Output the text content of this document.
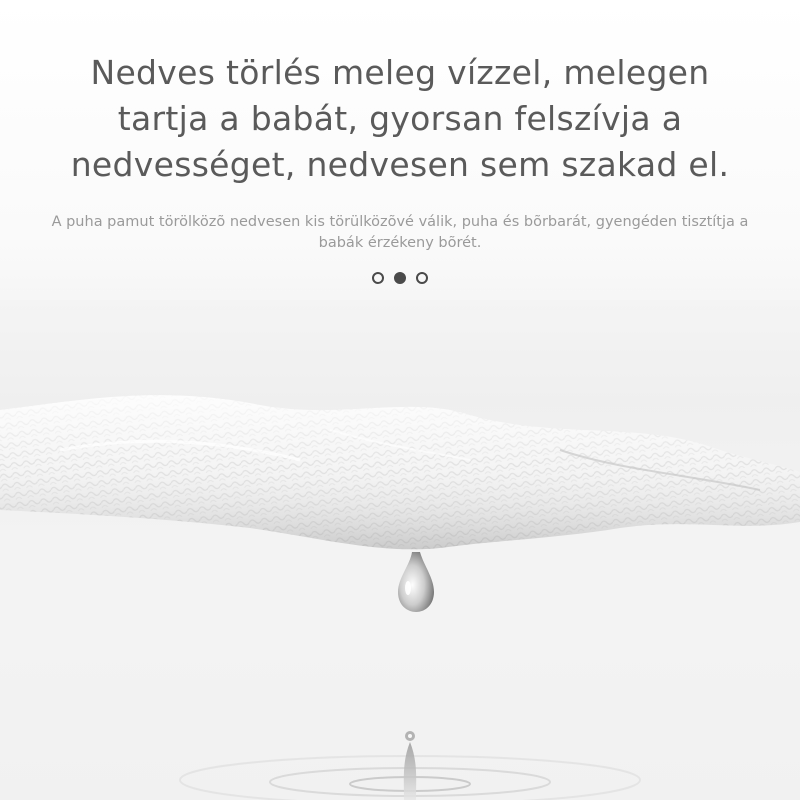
Nedves törlés meleg vízzel, melegen tartja a babát, gyorsan felszívja a nedvességet, nedvesen sem szakad el.

A puha pamut törölközõ nedvesen kis törülközõvé válik, puha és bõrbarát, gyengéden tisztítja a babák érzékeny bõrét.
